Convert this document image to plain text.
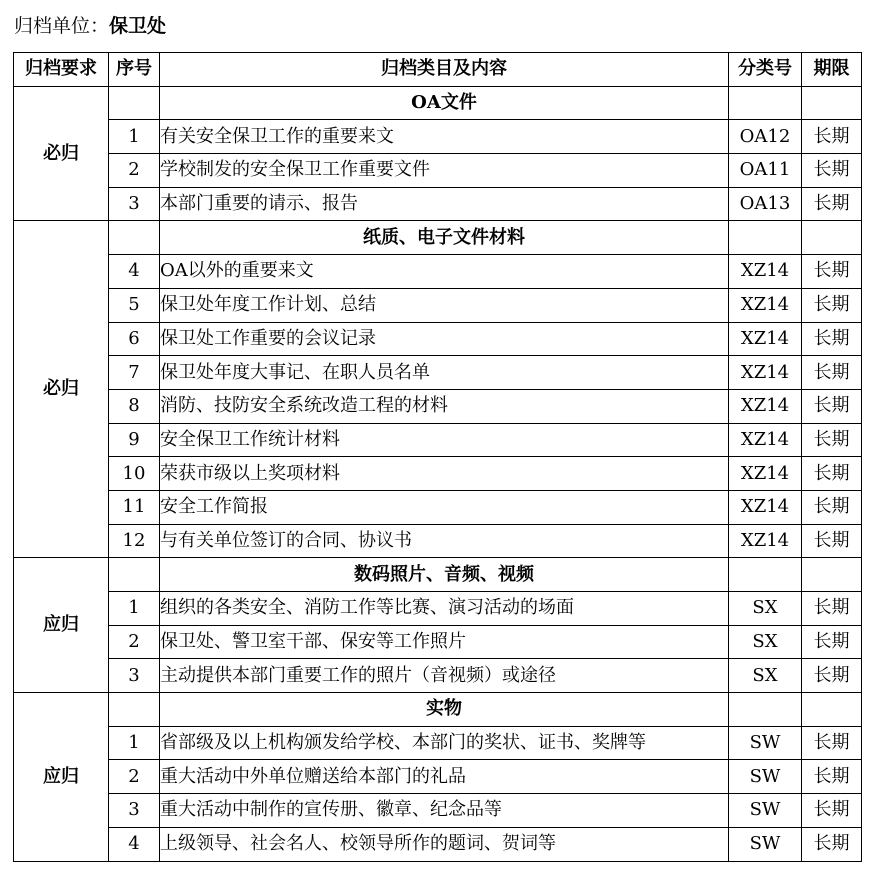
归档单位：保卫处
归档要求	序号	归档类目及内容	分类号	期限
必归		OA文件		
	1	有关安全保卫工作的重要来文	OA12	长期
	2	学校制发的安全保卫工作重要文件	OA11	长期
	3	本部门重要的请示、报告	OA13	长期
必归		纸质、电子文件材料		
	4	OA以外的重要来文	XZ14	长期
	5	保卫处年度工作计划、总结	XZ14	长期
	6	保卫处工作重要的会议记录	XZ14	长期
	7	保卫处年度大事记、在职人员名单	XZ14	长期
	8	消防、技防安全系统改造工程的材料	XZ14	长期
	9	安全保卫工作统计材料	XZ14	长期
	10	荣获市级以上奖项材料	XZ14	长期
	11	安全工作简报	XZ14	长期
	12	与有关单位签订的合同、协议书	XZ14	长期
应归		数码照片、音频、视频		
	1	组织的各类安全、消防工作等比赛、演习活动的场面	SX	长期
	2	保卫处、警卫室干部、保安等工作照片	SX	长期
	3	主动提供本部门重要工作的照片（音视频）或途径	SX	长期
应归		实物		
	1	省部级及以上机构颁发给学校、本部门的奖状、证书、奖牌等	SW	长期
	2	重大活动中外单位赠送给本部门的礼品	SW	长期
	3	重大活动中制作的宣传册、徽章、纪念品等	SW	长期
	4	上级领导、社会名人、校领导所作的题词、贺词等	SW	长期
